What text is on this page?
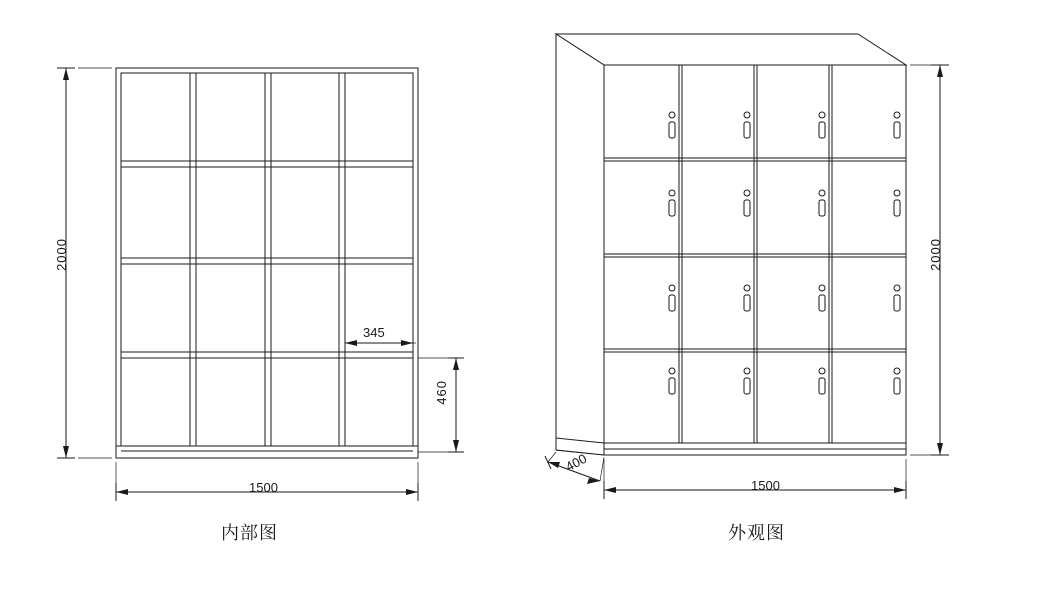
2000
1500
345
460
2000
400
1500
内部图	外观图
